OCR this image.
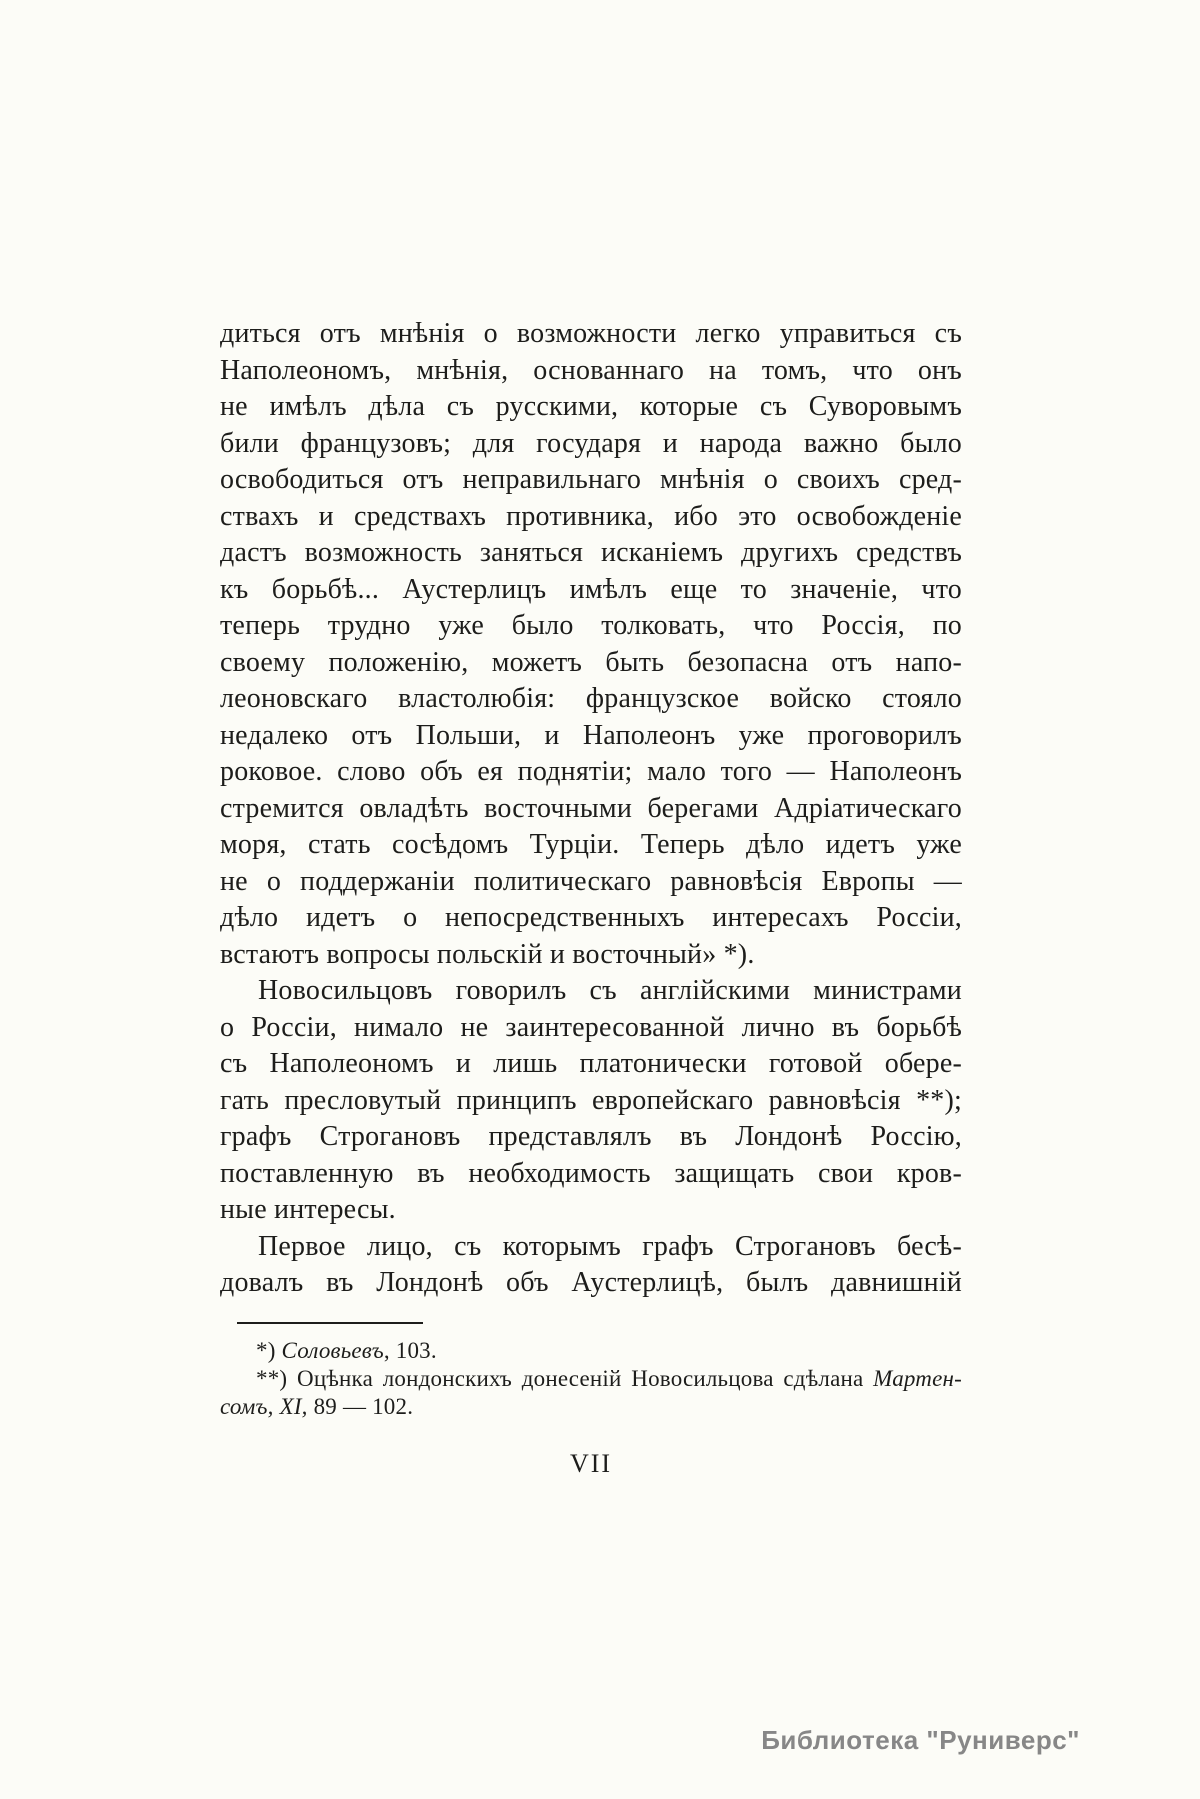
диться отъ мнѣнія о возможности легко управиться съ
Наполеономъ, мнѣнія, основаннаго на томъ, что онъ
не имѣлъ дѣла съ русскими, которые съ Суворовымъ
били французовъ; для государя и народа важно было
освободиться отъ неправильнаго мнѣнія о своихъ сред-
ствахъ и средствахъ противника, ибо это освобожденіе
дастъ возможность заняться исканіемъ другихъ средствъ
къ борьбѣ... Аустерлицъ имѣлъ еще то значеніе, что
теперь трудно уже было толковать, что Россія, по
своему положенію, можетъ быть безопасна отъ напо-
леоновскаго властолюбія: французское войско стояло
недалеко отъ Польши, и Наполеонъ уже проговорилъ
роковое. слово объ ея поднятіи; мало того — Наполеонъ
стремится овладѣть восточными берегами Адріатическаго
моря, стать сосѣдомъ Турціи. Теперь дѣло идетъ уже
не о поддержаніи политическаго равновѣсія Европы —
дѣло идетъ о непосредственныхъ интересахъ Россіи,
встаютъ вопросы польскій и восточный» *).
Новосильцовъ говорилъ съ англійскими министрами
о Россіи, нимало не заинтересованной лично въ борьбѣ
съ Наполеономъ и лишь платонически готовой обере-
гать пресловутый принципъ европейскаго равновѣсія **);
графъ Строгановъ представлялъ въ Лондонѣ Россію,
поставленную въ необходимость защищать свои кров-
ные интересы.
Первое лицо, съ которымъ графъ Строгановъ бесѣ-
довалъ въ Лондонѣ объ Аустерлицѣ, былъ давнишній
*) Соловьевъ, 103.
**) Оцѣнка лондонскихъ донесеній Новосильцова сдѣлана Мартен-
сомъ, XI, 89 — 102.
VII
Библиотека "Руниверс"
